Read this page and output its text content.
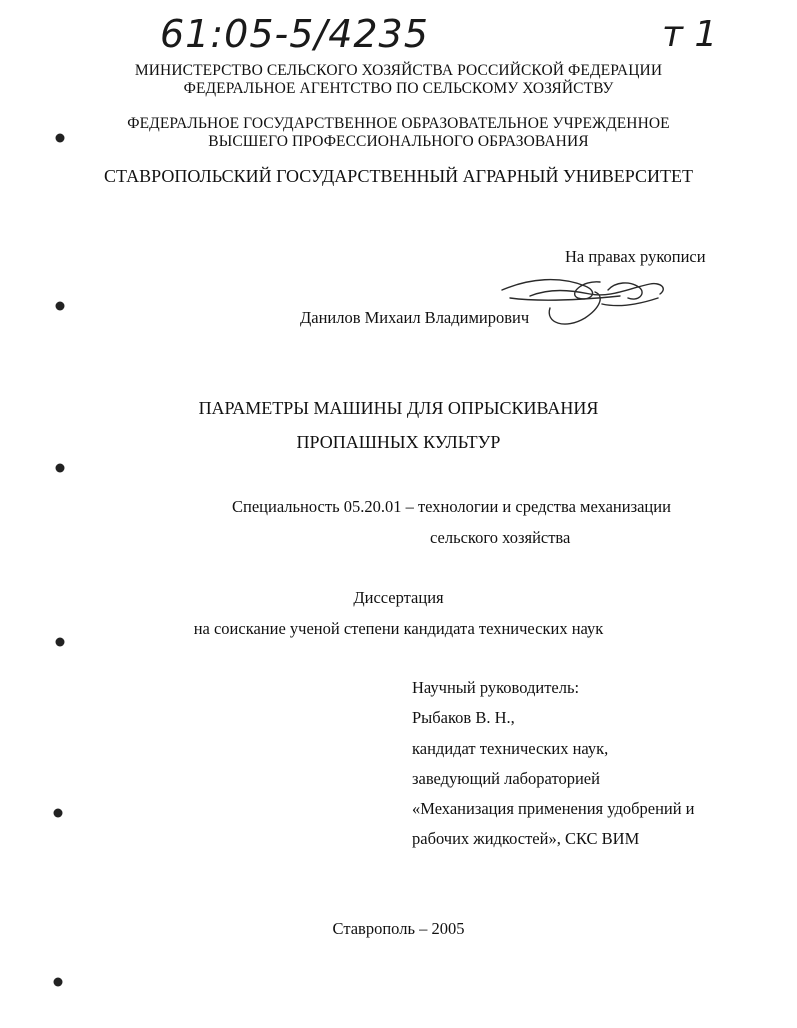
61:05-5/4235	т 1
МИНИСТЕРСТВО СЕЛЬСКОГО ХОЗЯЙСТВА РОССИЙСКОЙ ФЕДЕРАЦИИ
ФЕДЕРАЛЬНОЕ АГЕНТСТВО ПО СЕЛЬСКОМУ ХОЗЯЙСТВУ
ФЕДЕРАЛЬНОЕ ГОСУДАРСТВЕННОЕ ОБРАЗОВАТЕЛЬНОЕ УЧРЕЖДЕННОЕ
ВЫСШЕГО ПРОФЕССИОНАЛЬНОГО ОБРАЗОВАНИЯ
СТАВРОПОЛЬСКИЙ ГОСУДАРСТВЕННЫЙ АГРАРНЫЙ УНИВЕРСИТЕТ
На правах рукописи
Данилов Михаил Владимирович
ПАРАМЕТРЫ МАШИНЫ ДЛЯ ОПРЫСКИВАНИЯ
ПРОПАШНЫХ КУЛЬТУР
Специальность 05.20.01 – технологии и средства механизации
сельского хозяйства
Диссертация
на соискание ученой степени кандидата технических наук
Научный руководитель:
Рыбаков В. Н.,
кандидат технических наук,
заведующий лабораторией
«Механизация применения удобрений и
рабочих жидкостей», СКС ВИМ
Ставрополь – 2005
